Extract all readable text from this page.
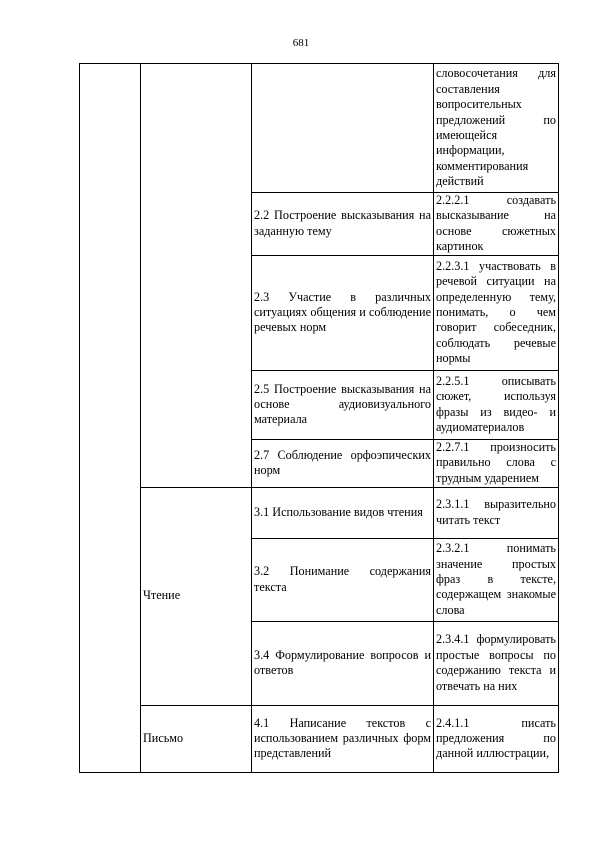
681
			словосочетания для составления вопросительных предложений по имеющейся информации, комментирования действий
		2.2 Построение высказывания на заданную тему	2.2.2.1 создавать высказывание на основе сюжетных картинок
		2.3 Участие в различных ситуациях общения и соблюдение речевых норм	2.2.3.1 участвовать в речевой ситуации на определенную тему, понимать, о чем говорит собеседник, соблюдать речевые нормы
		2.5 Построение высказывания на основе аудиовизуального материала	2.2.5.1 описывать сюжет, используя фразы из видео- и аудиоматериалов
		2.7 Соблюдение орфоэпических норм	2.2.7.1 произносить правильно слова с трудным ударением
	Чтение	3.1 Использование видов чтения	2.3.1.1 выразительно читать текст
		3.2 Понимание содержания текста	2.3.2.1 понимать значение простых фраз в тексте, содержащем знакомые слова
		3.4 Формулирование вопросов и ответов	2.3.4.1 формулировать простые вопросы по содержанию текста и отвечать на них
	Письмо	4.1 Написание текстов с использованием различных форм представлений	2.4.1.1 писать предложения по данной иллюстрации,
